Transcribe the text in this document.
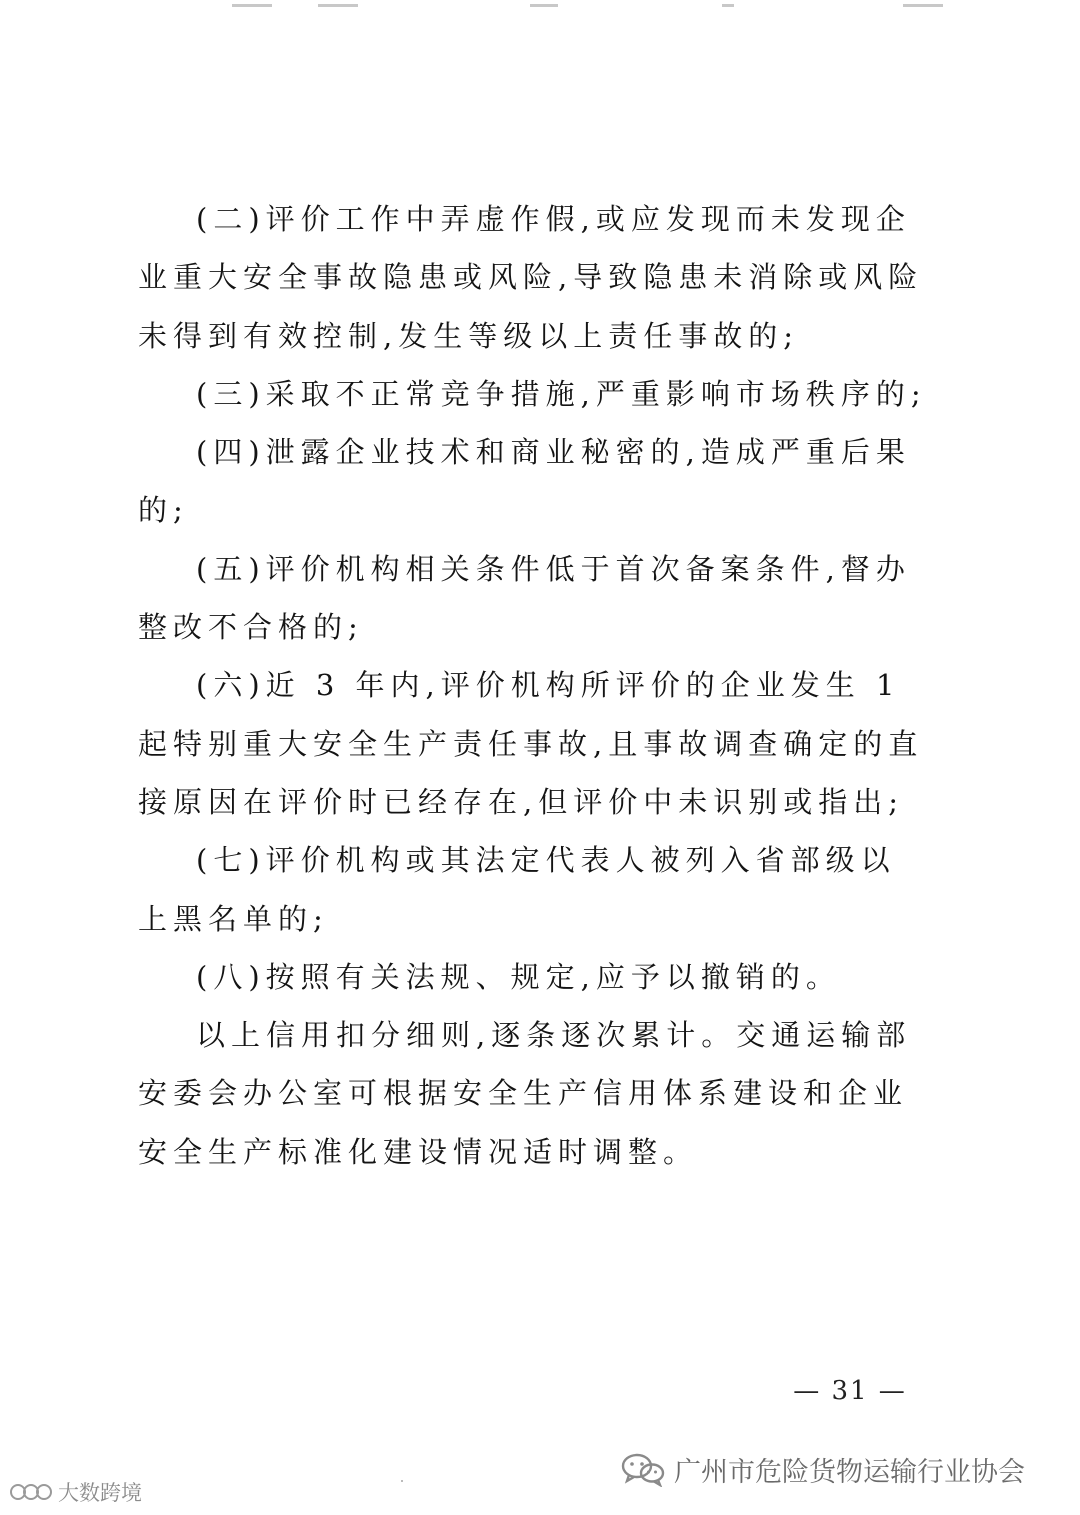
(二)评价工作中弄虚作假,或应发现而未发现企业重大安全事故隐患或风险,导致隐患未消除或风险未得到有效控制,发生等级以上责任事故的;

(三)采取不正常竞争措施,严重影响市场秩序的;

(四)泄露企业技术和商业秘密的,造成严重后果的;

(五)评价机构相关条件低于首次备案条件,督办整改不合格的;

(六)近 3 年内,评价机构所评价的企业发生 1 起特别重大安全生产责任事故,且事故调查确定的直接原因在评价时已经存在,但评价中未识别或指出;

(七)评价机构或其法定代表人被列入省部级以上黑名单的;

(八)按照有关法规、规定,应予以撤销的。

以上信用扣分细则,逐条逐次累计。交通运输部安委会办公室可根据安全生产信用体系建设和企业安全生产标准化建设情况适时调整。

— 31 —
广州市危险货物运输行业协会
大数跨境
